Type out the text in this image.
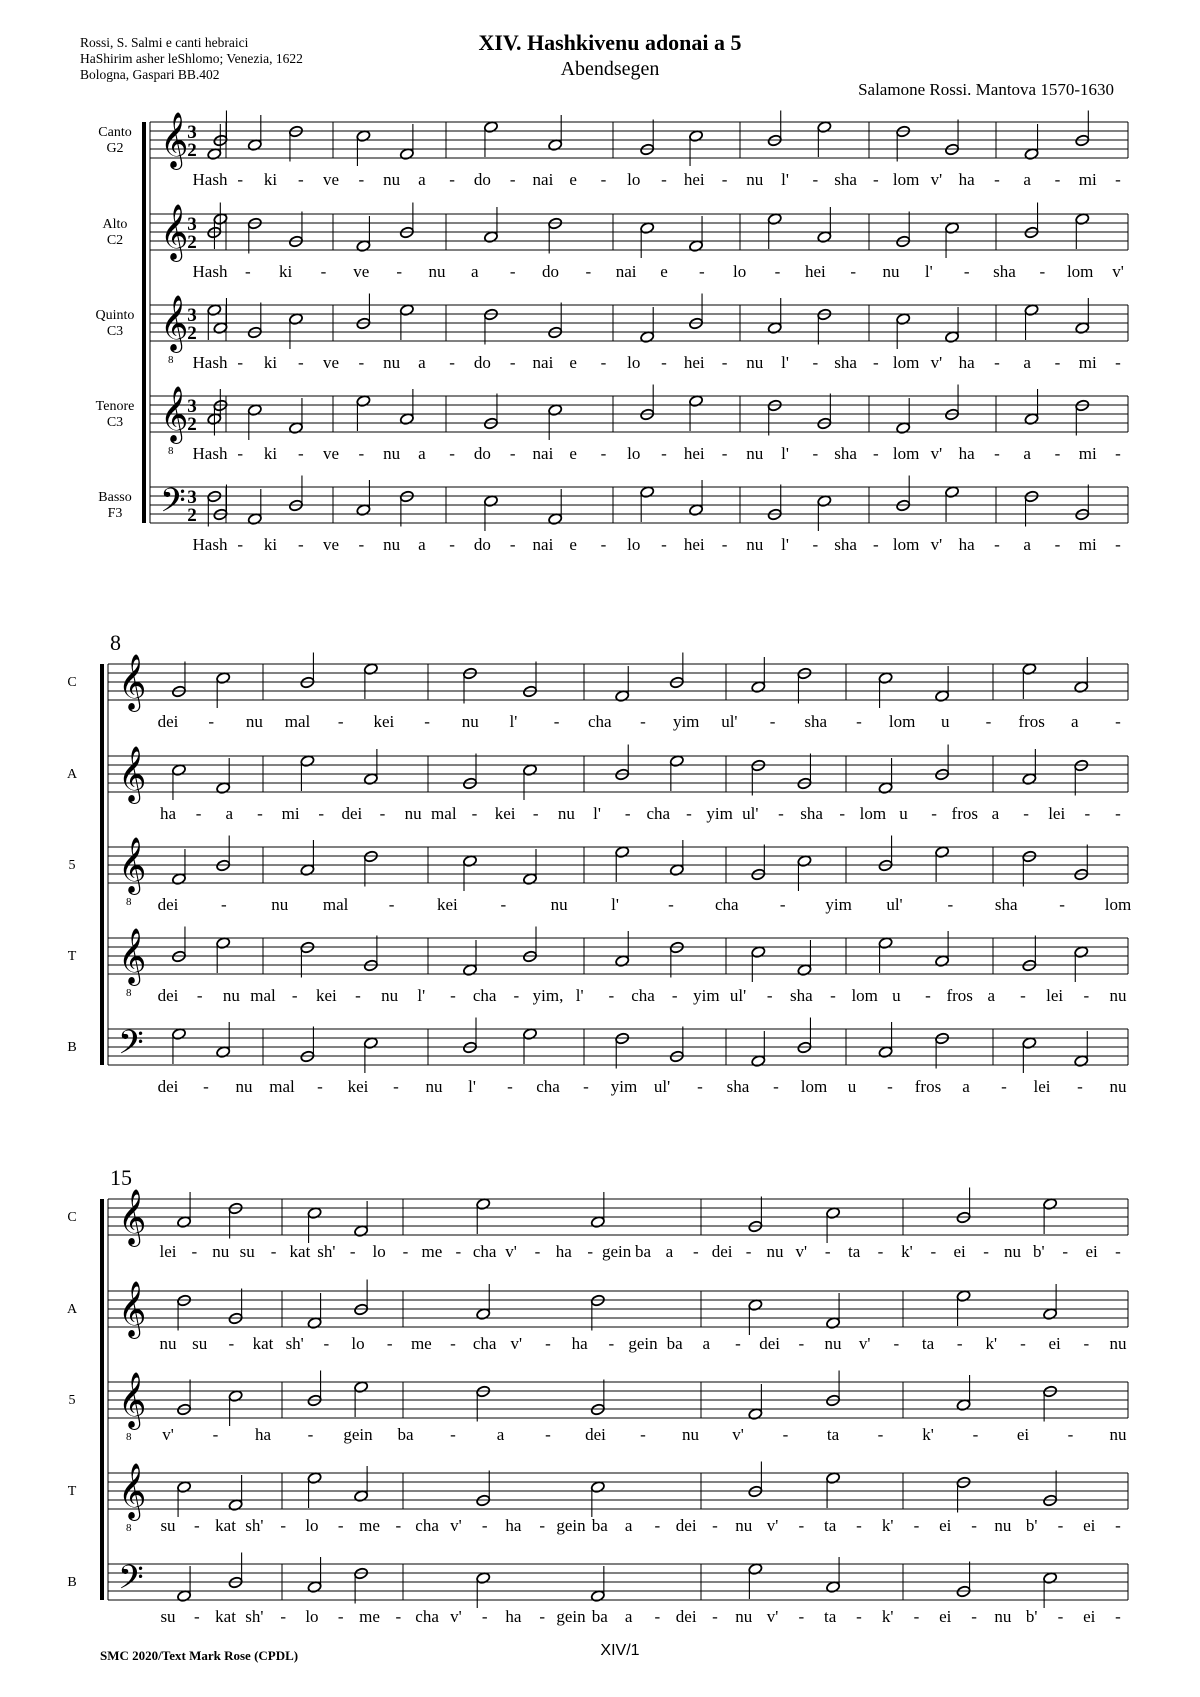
Rossi, S. Salmi e canti hebraici
HaShirim asher leShlomo; Venezia, 1622
Bologna, Gaspari BB.402
XIV. Hashkivenu adonai a 5
Abendsegen
Salamone Rossi. Mantova 1570-1630
Canto
G2 𝄞
3
2
Hash - ki - ve - nu a - do - nai e - lo - hei - nu l' - sha - lom v' ha - a - mi -
Alto
C2 𝄞
3
2
Hash - ki - ve - nu a - do - nai e - lo - hei - nu l' - sha - lom v'
Quinto
C3 𝄞
8
3
2
Hash - ki - ve - nu a - do - nai e - lo - hei - nu l' - sha - lom v' ha - a - mi -
Tenore
C3 𝄞
8
3
2
Hash - ki - ve - nu a - do - nai e - lo - hei - nu l' - sha - lom v' ha - a - mi -
Basso
F3 𝄢 3
2
Hash - ki - ve - nu a - do - nai e - lo - hei - nu l' - sha - lom v' ha - a - mi -
8
C 𝄞
dei - nu mal - kei - nu l' - cha - yim ul' - sha - lom u - fros a -
A 𝄞
ha - a - mi - dei - nu mal - kei - nu l' - cha - yim ul' - sha - lom u - fros a - lei - -
5 𝄞
8 dei	-	nu mal -	kei	-	nu	l'	- cha - yim ul'	- sha - lom
T 𝄞
8 dei - nu mal - kei - nu l' - cha - yim, l' - cha - yim ul' - sha - lom u - fros a - lei - nu
B 𝄢
dei - nu mal - kei - nu l' - cha - yim ul' - sha - lom u - fros a - lei - nu
15
C 𝄞
lei - nu su - kat sh' - lo - me - cha v' - ha - gein ba a - dei - nu v' - ta - k' - ei - nu b' - ei -
A 𝄞
nu su - kat sh' - lo - me - cha v' - ha - gein ba a - dei - nu v' - ta - k' - ei - nu
5 𝄞
8 v' - ha - gein ba - a - dei - nu v' - ta - k' - ei - nu
T 𝄞
8 su - kat sh' - lo - me - cha v' - ha - gein ba a - dei - nu v' - ta - k' - ei - nu b' - ei -
B 𝄢
su - kat sh' - lo - me - cha v' - ha - gein ba a - dei - nu v' - ta - k' - ei - nu b' - ei -
SMC 2020/Text Mark Rose (CPDL)	XIV/1
